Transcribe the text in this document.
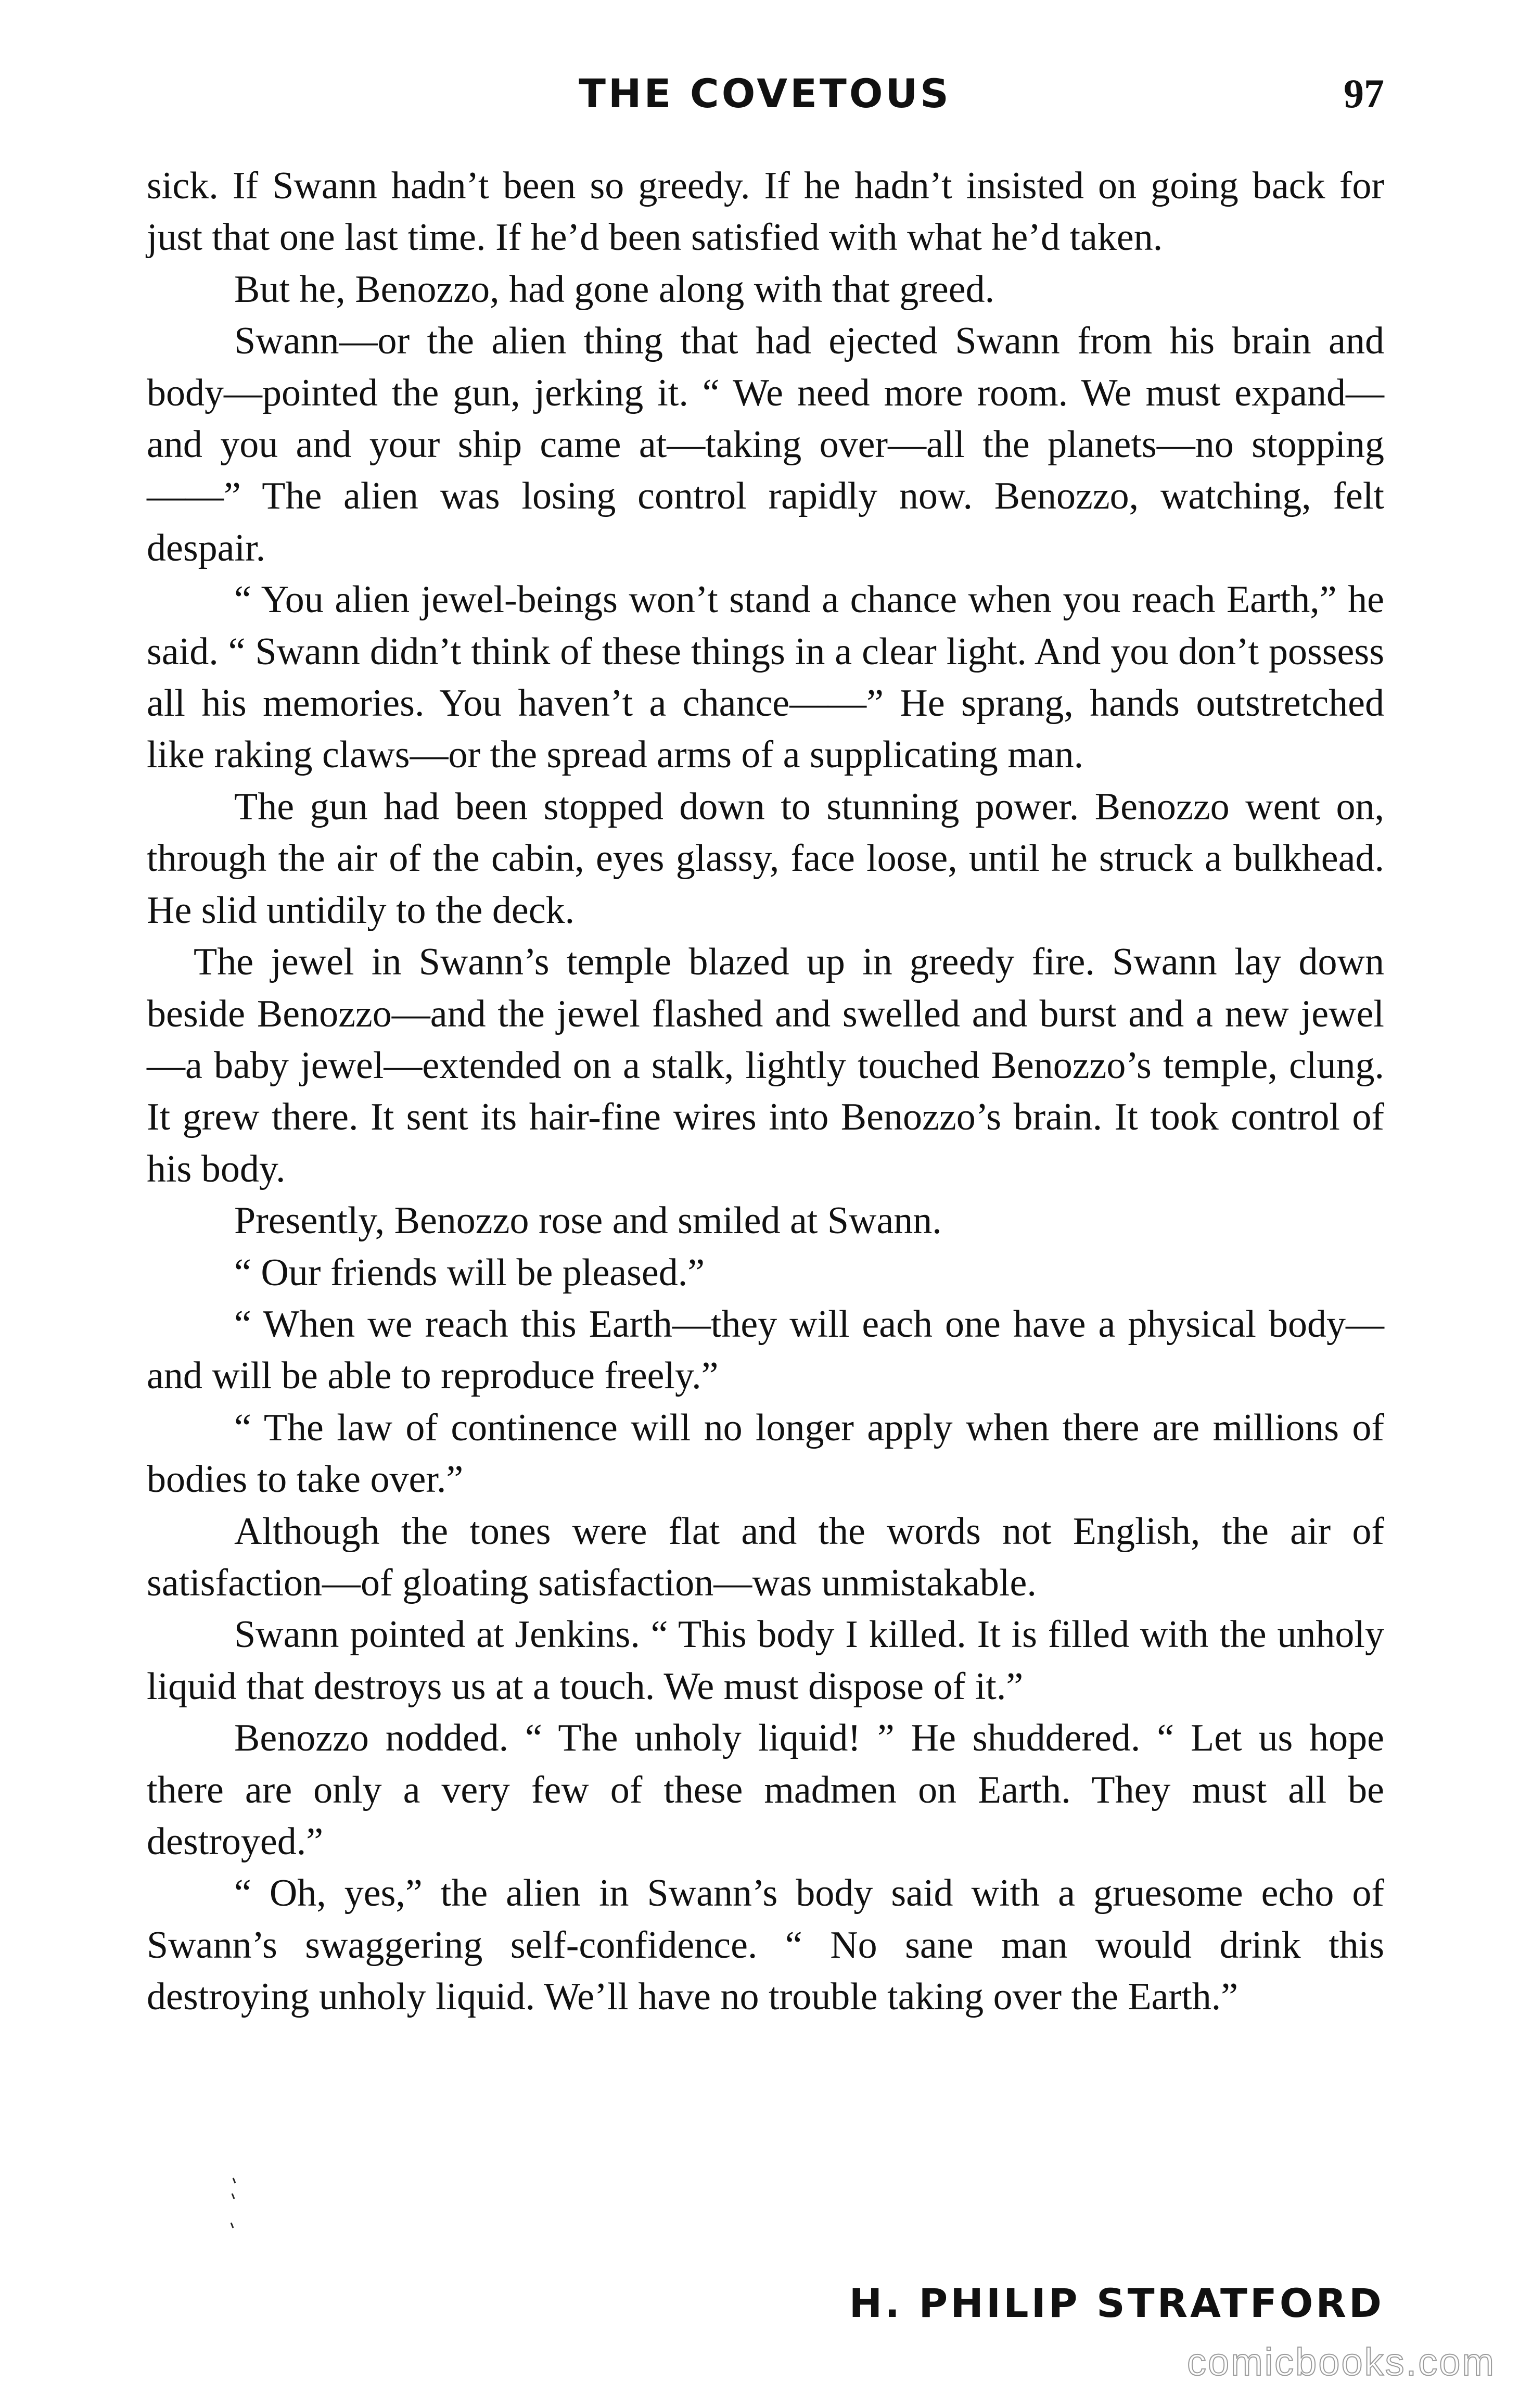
THE COVETOUS	97

sick. If Swann hadn’t been so greedy. If he hadn’t insisted on going back for just that one last time. If he’d been satisfied with what he’d taken.

But he, Benozzo, had gone along with that greed.

Swann—or the alien thing that had ejected Swann from his brain and body—pointed the gun, jerking it. “ We need more room. We must expand—and you and your ship came at—taking over—all the planets—no stopping——” The alien was losing control rapidly now. Benozzo, watching, felt despair.

“ You alien jewel-beings won’t stand a chance when you reach Earth,” he said. “ Swann didn’t think of these things in a clear light. And you don’t possess all his memories. You haven’t a chance——” He sprang, hands outstretched like raking claws—or the spread arms of a supplicating man.

The gun had been stopped down to stunning power. Benozzo went on, through the air of the cabin, eyes glassy, face loose, until he struck a bulkhead. He slid untidily to the deck.

The jewel in Swann’s temple blazed up in greedy fire. Swann lay down beside Benozzo—and the jewel flashed and swelled and burst and a new jewel—a baby jewel—extended on a stalk, lightly touched Benozzo’s temple, clung. It grew there. It sent its hair-fine wires into Benozzo’s brain. It took control of his body.

Presently, Benozzo rose and smiled at Swann.

“ Our friends will be pleased.”

“ When we reach this Earth—they will each one have a physical body—and will be able to reproduce freely.”

“ The law of continence will no longer apply when there are millions of bodies to take over.”

Although the tones were flat and the words not English, the air of satisfaction—of gloating satisfaction—was unmistakable.

Swann pointed at Jenkins. “ This body I killed. It is filled with the unholy liquid that destroys us at a touch. We must dispose of it.”

Benozzo nodded. “ The unholy liquid! ” He shuddered. “ Let us hope there are only a very few of these madmen on Earth. They must all be destroyed.”

“ Oh, yes,” the alien in Swann’s body said with a gruesome echo of Swann’s swaggering self-confidence. “ No sane man would drink this destroying unholy liquid. We’ll have no trouble taking over the Earth.”

H. PHILIP STRATFORD
comicbooks.com
